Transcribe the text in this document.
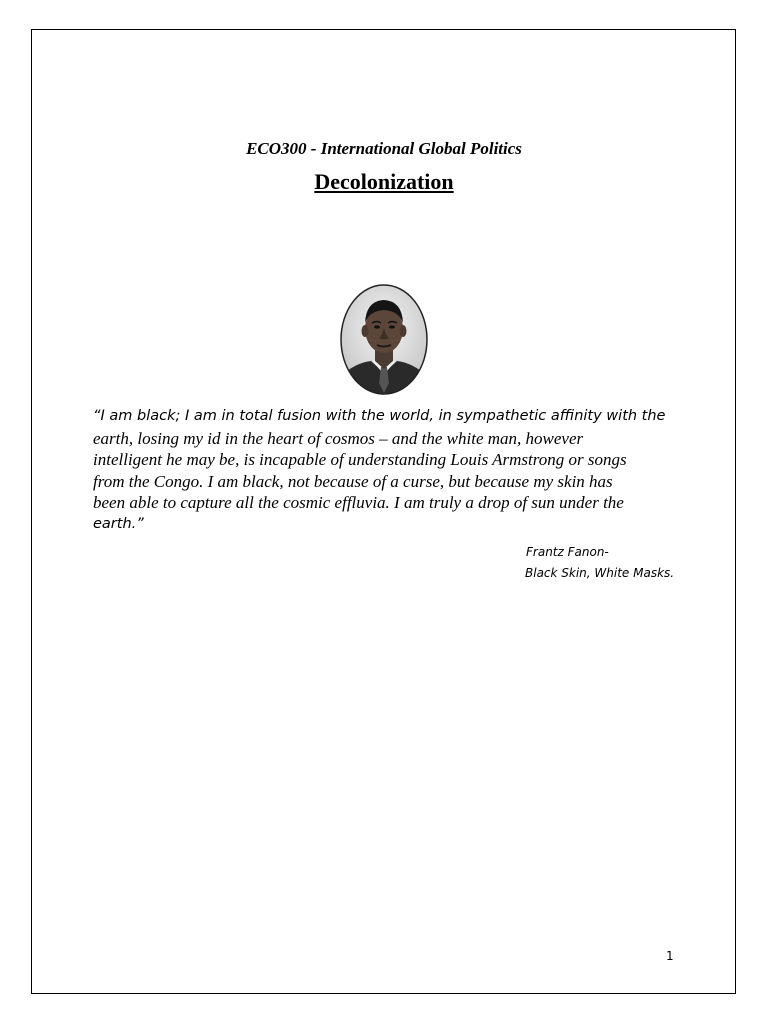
ECO300 - International Global Politics
Decolonization
“I am black; I am in total fusion with the world, in sympathetic affinity with the
earth, losing my id in the heart of cosmos – and the white man, however
intelligent he may be, is incapable of understanding Louis Armstrong or songs
from the Congo. I am black, not because of a curse, but because my skin has
been able to capture all the cosmic effluvia. I am truly a drop of sun under the
earth.”
Frantz Fanon-
Black Skin, White Masks.
1
